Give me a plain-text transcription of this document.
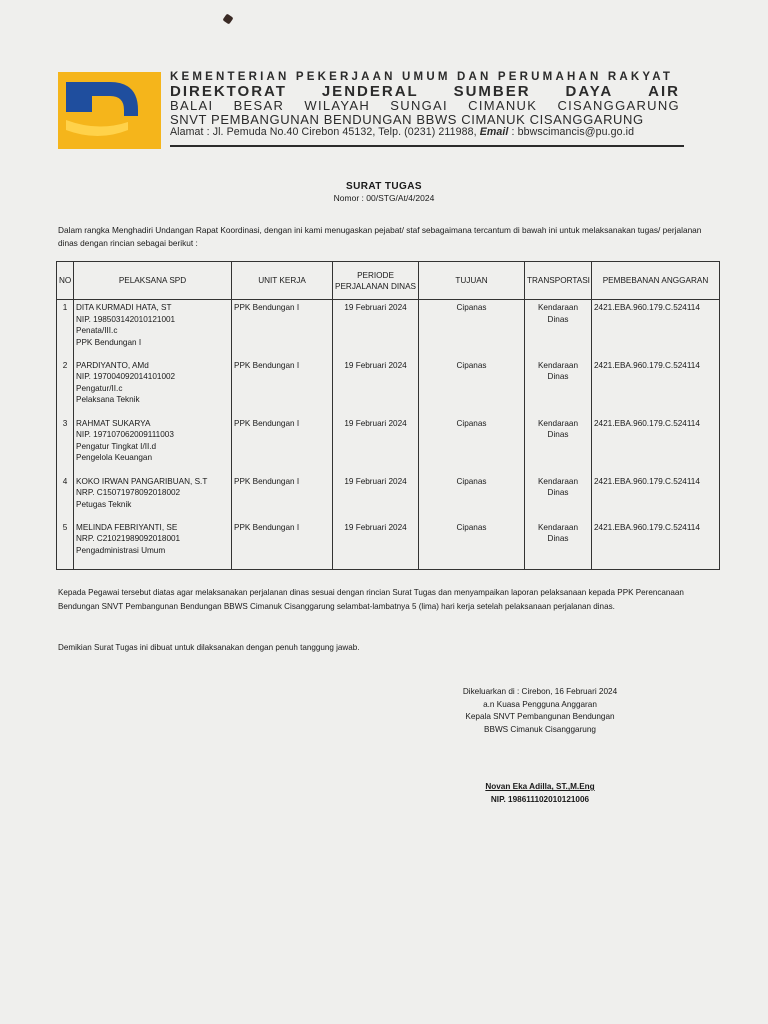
KEMENTERIAN PEKERJAAN UMUM DAN PERUMAHAN RAKYAT
DIREKTORAT JENDERAL SUMBER DAYA AIR
BALAI BESAR WILAYAH SUNGAI CIMANUK CISANGGARUNG
SNVT PEMBANGUNAN BENDUNGAN BBWS CIMANUK CISANGGARUNG
Alamat : Jl. Pemuda No.40 Cirebon 45132, Telp. (0231) 211988, Email : bbwscimancis@pu.go.id
SURAT TUGAS
Nomor : 00/STG/At/4/2024
Dalam rangka Menghadiri Undangan Rapat Koordinasi, dengan ini kami menugaskan pejabat/ staf sebagaimana tercantum di bawah ini untuk melaksanakan tugas/ perjalanan dinas dengan rincian sebagai berikut :
NO	PELAKSANA SPD	UNIT KERJA	PERIODE PERJALANAN DINAS	TUJUAN	TRANSPORTASI	PEMBEBANAN ANGGARAN
1	DITA KURMADI HATA, ST
NIP. 198503142010121001
Penata/III.c
PPK Bendungan I	PPK Bendungan I	19 Februari 2024	Cipanas	Kendaraan Dinas	2421.EBA.960.179.C.524114
2	PARDIYANTO, AMd
NIP. 197004092014101002
Pengatur/II.c
Pelaksana Teknik	PPK Bendungan I	19 Februari 2024	Cipanas	Kendaraan Dinas	2421.EBA.960.179.C.524114
3	RAHMAT SUKARYA
NIP. 197107062009111003
Pengatur Tingkat I/II.d
Pengelola Keuangan	PPK Bendungan I	19 Februari 2024	Cipanas	Kendaraan Dinas	2421.EBA.960.179.C.524114
4	KOKO IRWAN PANGARIBUAN, S.T
NRP. C15071978092018002
Petugas Teknik	PPK Bendungan I	19 Februari 2024	Cipanas	Kendaraan Dinas	2421.EBA.960.179.C.524114
5	MELINDA FEBRIYANTI, SE
NRP. C21021989092018001
Pengadministrasi Umum	PPK Bendungan I	19 Februari 2024	Cipanas	Kendaraan Dinas	2421.EBA.960.179.C.524114
Kepada Pegawai tersebut diatas agar melaksanakan perjalanan dinas sesuai dengan rincian Surat Tugas dan menyampaikan laporan pelaksanaan kepada PPK Perencanaan Bendungan SNVT Pembangunan Bendungan BBWS Cimanuk Cisanggarung selambat-lambatnya 5 (lima) hari kerja setelah pelaksanaan perjalanan dinas.
Demikian Surat Tugas ini dibuat untuk dilaksanakan dengan penuh tanggung jawab.
Dikeluarkan di : Cirebon, 16 Februari 2024
a.n Kuasa Pengguna Anggaran
Kepala SNVT Pembangunan Bendungan
BBWS Cimanuk Cisanggarung
Novan Eka Adilla, ST.,M.Eng
NIP. 198611102010121006
